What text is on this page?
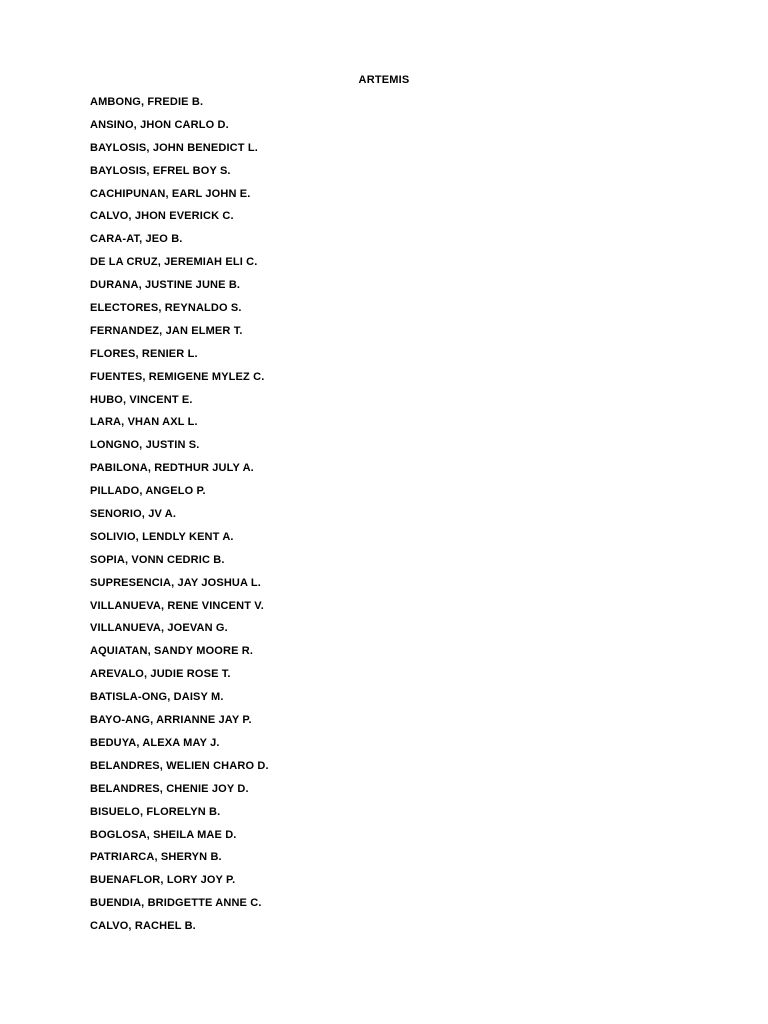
ARTEMIS
AMBONG, FREDIE B.
ANSINO, JHON CARLO D.
BAYLOSIS, JOHN BENEDICT L.
BAYLOSIS, EFREL BOY S.
CACHIPUNAN, EARL JOHN E.
CALVO, JHON EVERICK C.
CARA-AT, JEO B.
DE LA CRUZ, JEREMIAH ELI C.
DURANA, JUSTINE JUNE B.
ELECTORES, REYNALDO S.
FERNANDEZ, JAN ELMER T.
FLORES, RENIER L.
FUENTES, REMIGENE MYLEZ C.
HUBO, VINCENT E.
LARA, VHAN AXL L.
LONGNO, JUSTIN S.
PABILONA, REDTHUR JULY A.
PILLADO, ANGELO P.
SENORIO, JV A.
SOLIVIO, LENDLY KENT A.
SOPIA, VONN CEDRIC B.
SUPRESENCIA, JAY JOSHUA L.
VILLANUEVA, RENE VINCENT V.
VILLANUEVA, JOEVAN G.
AQUIATAN, SANDY MOORE R.
AREVALO, JUDIE ROSE T.
BATISLA-ONG, DAISY M.
BAYO-ANG, ARRIANNE JAY P.
BEDUYA, ALEXA MAY J.
BELANDRES, WELIEN CHARO D.
BELANDRES, CHENIE JOY D.
BISUELO, FLORELYN B.
BOGLOSA, SHEILA MAE D.
PATRIARCA, SHERYN B.
BUENAFLOR, LORY JOY P.
BUENDIA, BRIDGETTE ANNE C.
CALVO, RACHEL B.
